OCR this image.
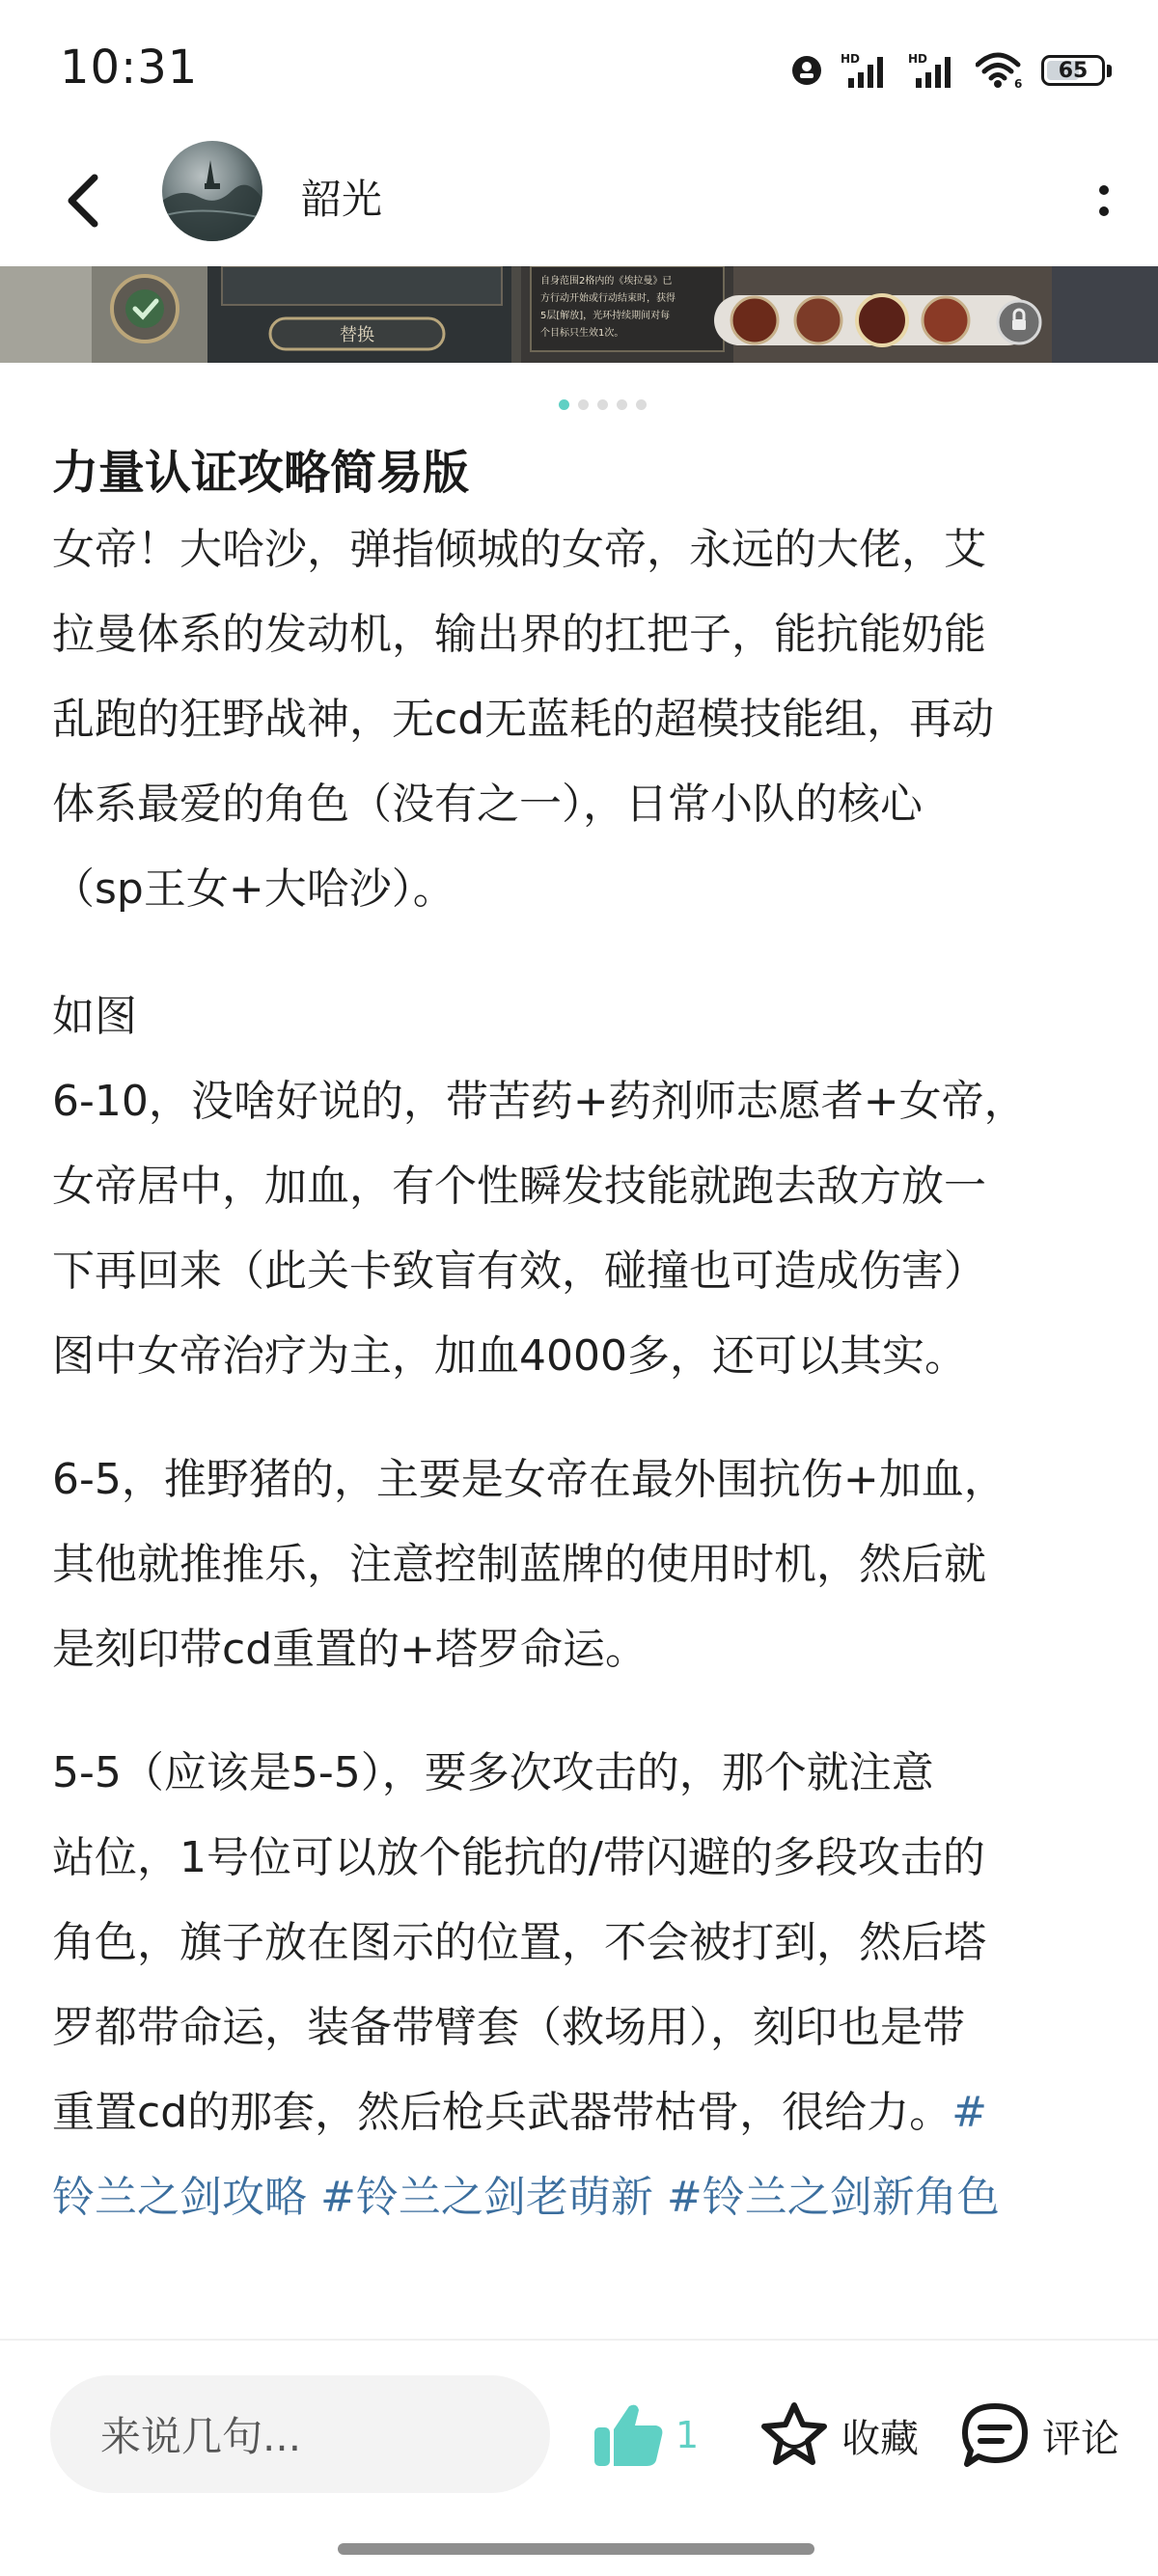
10:31	HD	HD
6
65
韶光
替换
自身范围2格内的《埃拉曼》已
方行动开始或行动结束时，获得
5层[解放]，光环持续期间对每
个目标只生效1次。
力量认证攻略简易版

女帝！大哈沙，弹指倾城的女帝，永远的大佬，艾
拉曼体系的发动机，输出界的扛把子，能抗能奶能
乱跑的狂野战神，无cd无蓝耗的超模技能组，再动
体系最爱的角色（没有之一），日常小队的核心
（sp王女+大哈沙）。

如图

6-10，没啥好说的，带苦药+药剂师志愿者+女帝，
女帝居中，加血，有个性瞬发技能就跑去敌方放一
下再回来（此关卡致盲有效，碰撞也可造成伤害）
图中女帝治疗为主，加血4000多，还可以其实。

6-5，推野猪的，主要是女帝在最外围抗伤+加血，
其他就推推乐，注意控制蓝牌的使用时机，然后就
是刻印带cd重置的+塔罗命运。

5-5（应该是5-5），要多次攻击的，那个就注意
站位，1号位可以放个能抗的/带闪避的多段攻击的
角色，旗子放在图示的位置，不会被打到，然后塔
罗都带命运，装备带臂套（救场用），刻印也是带
重置cd的那套，然后枪兵武器带枯骨，很给力。#
铃兰之剑攻略 #铃兰之剑老萌新 #铃兰之剑新角色

来说几句...	1	收藏	评论
